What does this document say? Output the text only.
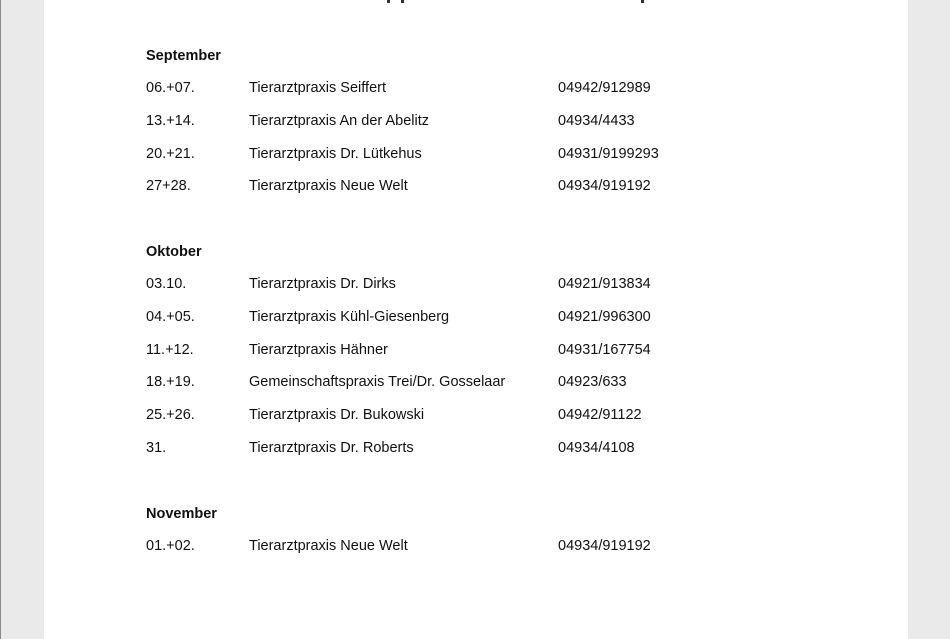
September
06.+07.	Tierarztpraxis Seiffert	04942/912989
13.+14.	Tierarztpraxis An der Abelitz	04934/4433
20.+21.	Tierarztpraxis Dr. Lütkehus	04931/9199293
27+28.	Tierarztpraxis Neue Welt	04934/919192
Oktober
03.10.	Tierarztpraxis Dr. Dirks	04921/913834
04.+05.	Tierarztpraxis Kühl-Giesenberg	04921/996300
11.+12.	Tierarztpraxis Hähner	04931/167754
18.+19.	Gemeinschaftspraxis Trei/Dr. Gosselaar	04923/633
25.+26.	Tierarztpraxis Dr. Bukowski	04942/91122
31.	Tierarztpraxis Dr. Roberts	04934/4108
November
01.+02.	Tierarztpraxis Neue Welt	04934/919192
